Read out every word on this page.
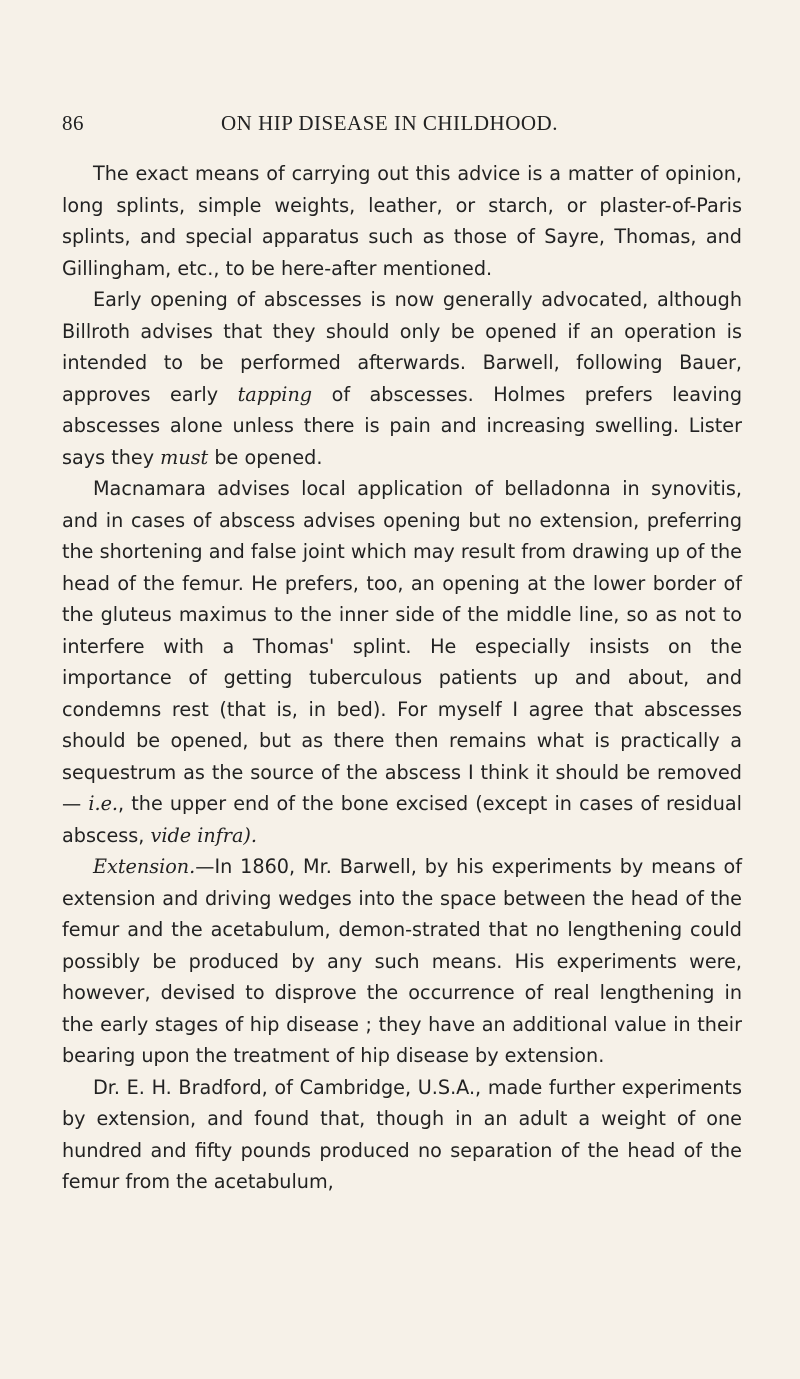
86	ON HIP DISEASE IN CHILDHOOD.

The exact means of carrying out this advice is a matter of opinion, long splints, simple weights, leather, or starch, or plaster-of-Paris splints, and special apparatus such as those of Sayre, Thomas, and Gillingham, etc., to be here-after mentioned.

Early opening of abscesses is now generally advocated, although Billroth advises that they should only be opened if an operation is intended to be performed afterwards. Barwell, following Bauer, approves early tapping of abscesses. Holmes prefers leaving abscesses alone unless there is pain and increasing swelling. Lister says they must be opened.

Macnamara advises local application of belladonna in synovitis, and in cases of abscess advises opening but no extension, preferring the shortening and false joint which may result from drawing up of the head of the femur. He prefers, too, an opening at the lower border of the gluteus maximus to the inner side of the middle line, so as not to interfere with a Thomas' splint. He especially insists on the importance of getting tuberculous patients up and about, and condemns rest (that is, in bed). For myself I agree that abscesses should be opened, but as there then remains what is practically a sequestrum as the source of the abscess I think it should be removed— i.e., the upper end of the bone excised (except in cases of residual abscess, vide infra).

Extension.—In 1860, Mr. Barwell, by his experiments by means of extension and driving wedges into the space between the head of the femur and the acetabulum, demon-strated that no lengthening could possibly be produced by any such means. His experiments were, however, devised to disprove the occurrence of real lengthening in the early stages of hip disease ; they have an additional value in their bearing upon the treatment of hip disease by extension.

Dr. E. H. Bradford, of Cambridge, U.S.A., made further experiments by extension, and found that, though in an adult a weight of one hundred and fifty pounds produced no separation of the head of the femur from the acetabulum,
